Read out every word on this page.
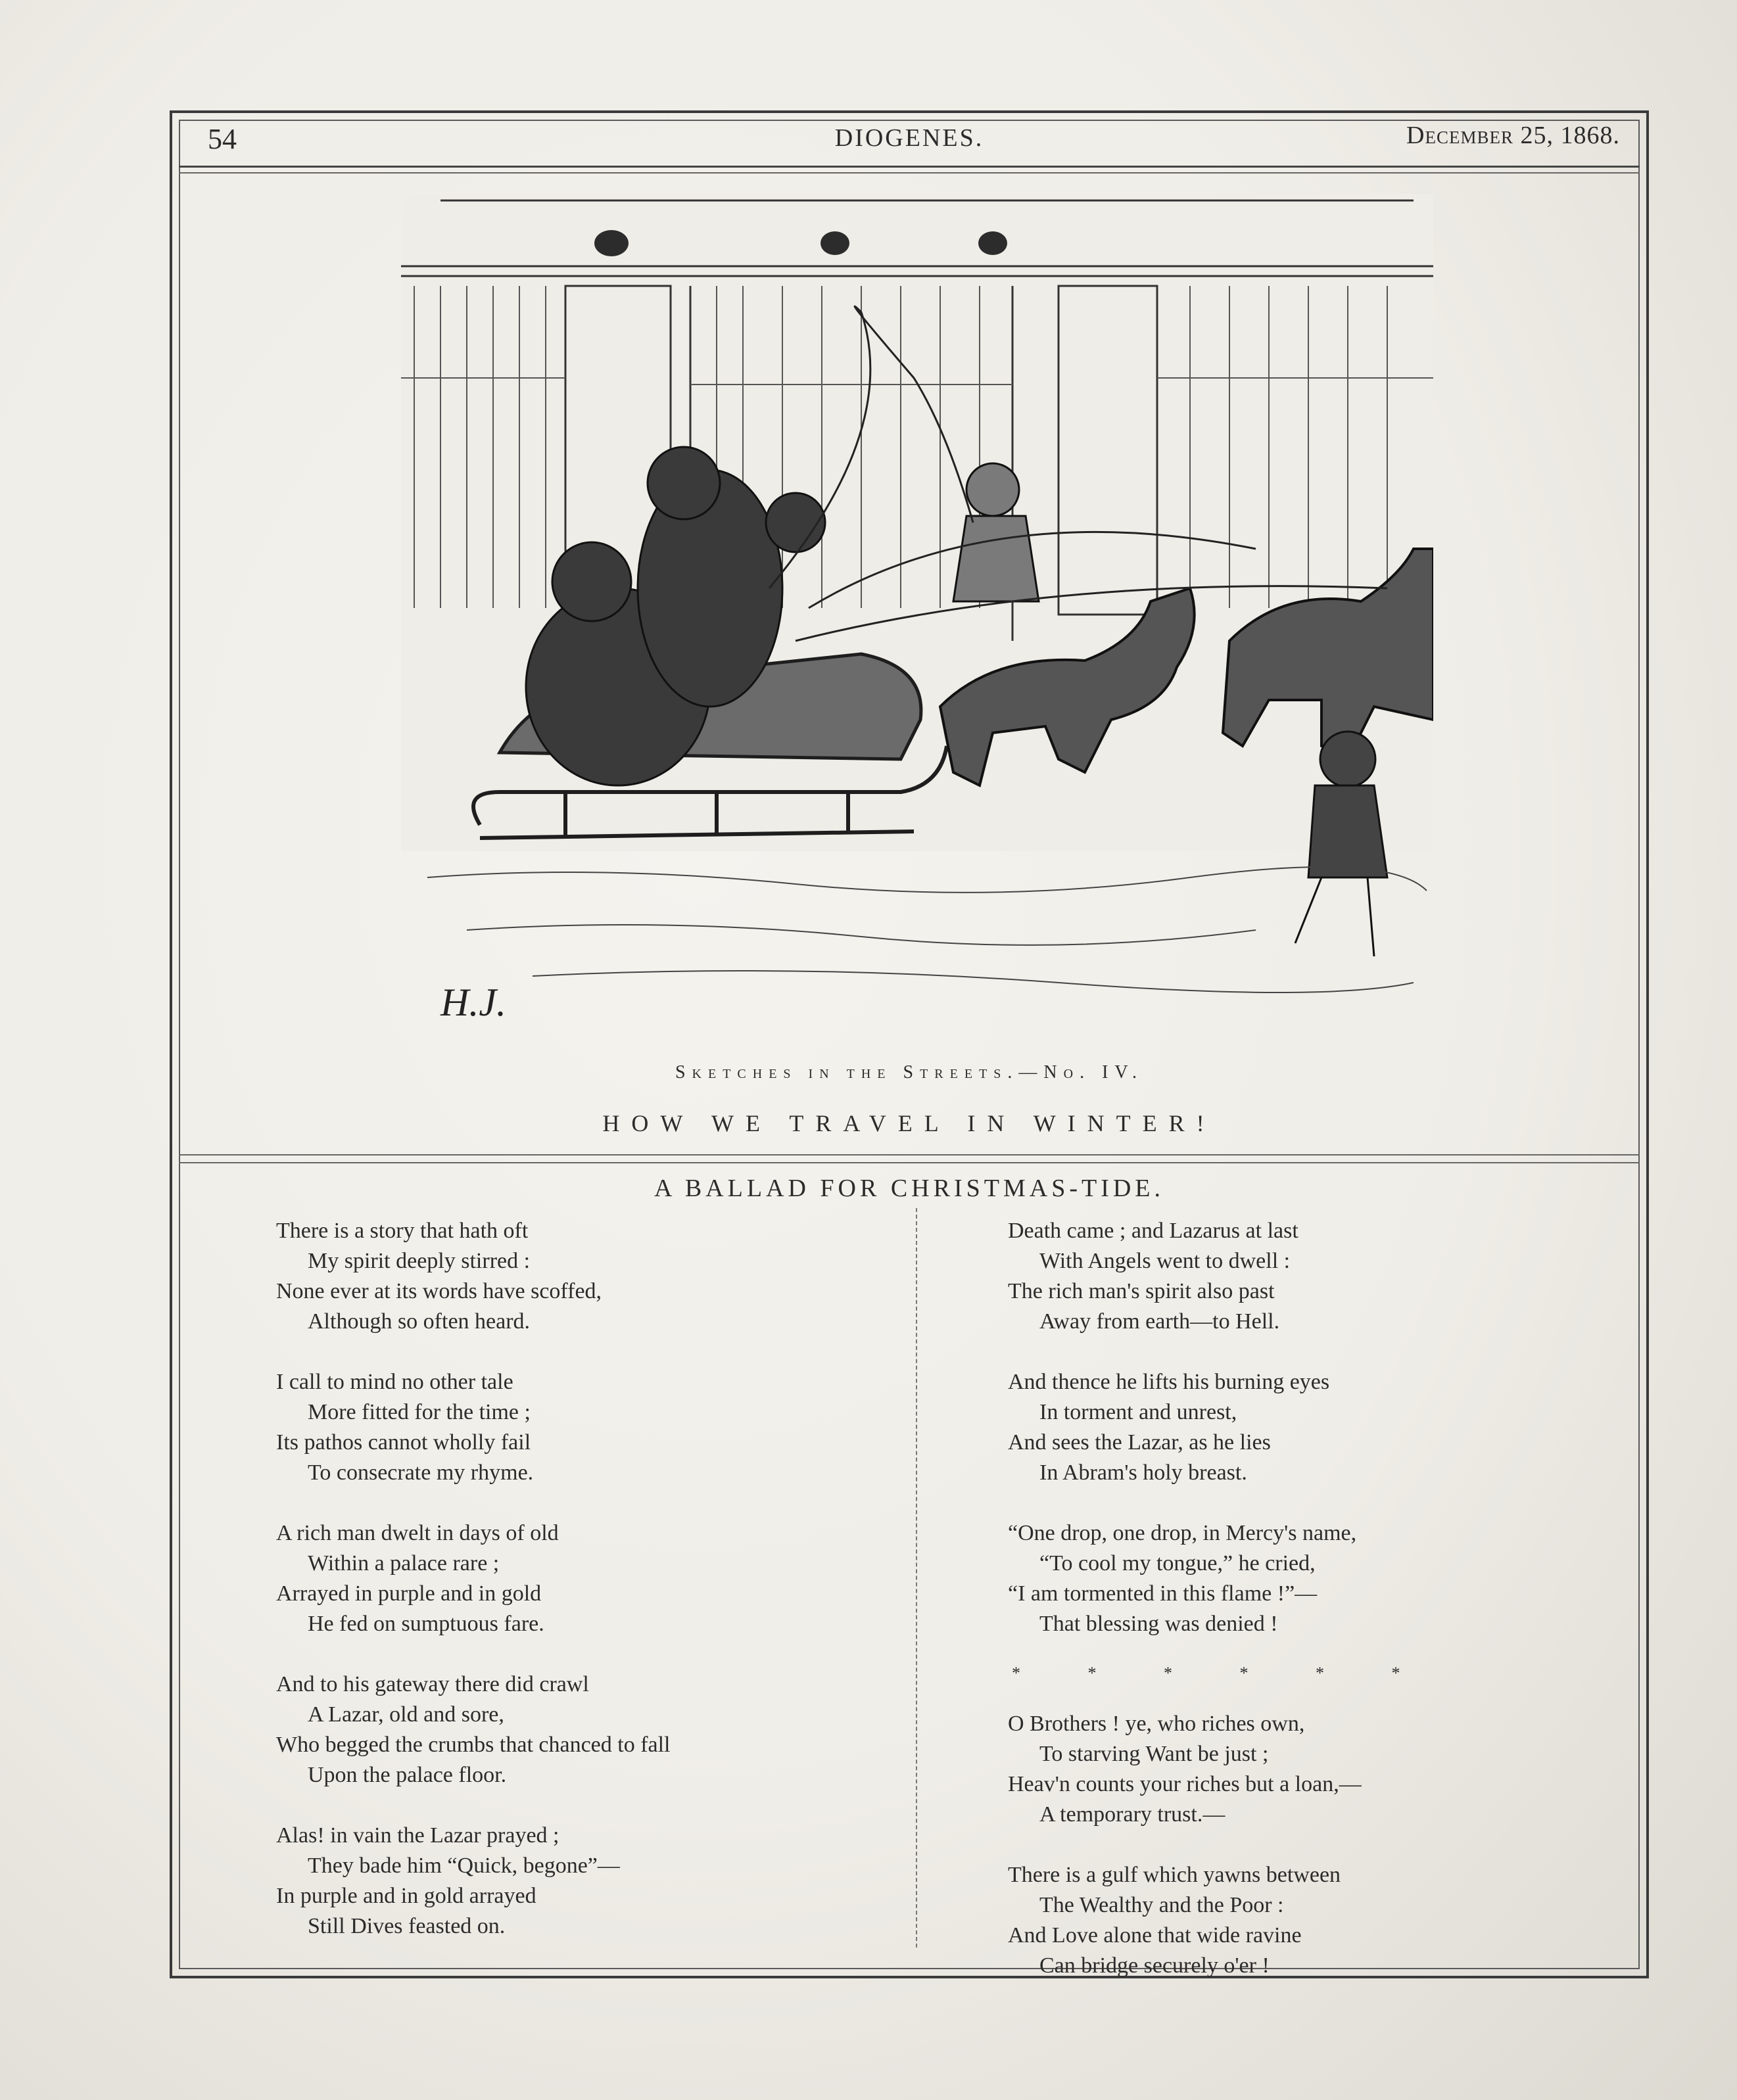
54	DIOGENES.	December 25, 1868.
H.J.
Sketches in the Streets.—No. IV.
HOW WE TRAVEL IN WINTER!
A BALLAD FOR CHRISTMAS-TIDE.
There is a story that hath oft
My spirit deeply stirred :
None ever at its words have scoffed,
Although so often heard.
I call to mind no other tale
More fitted for the time ;
Its pathos cannot wholly fail
To consecrate my rhyme.
A rich man dwelt in days of old
Within a palace rare ;
Arrayed in purple and in gold
He fed on sumptuous fare.
And to his gateway there did crawl
A Lazar, old and sore,
Who begged the crumbs that chanced to fall
Upon the palace floor.
Alas! in vain the Lazar prayed ;
They bade him “Quick, begone”—
In purple and in gold arrayed
Still Dives feasted on.
Death came ; and Lazarus at last
With Angels went to dwell :
The rich man's spirit also past
Away from earth—to Hell.
And thence he lifts his burning eyes
In torment and unrest,
And sees the Lazar, as he lies
In Abram's holy breast.
“One drop, one drop, in Mercy's name,
“To cool my tongue,” he cried,
“I am tormented in this flame !”—
That blessing was denied !
* * * * * *
O Brothers ! ye, who riches own,
To starving Want be just ;
Heav'n counts your riches but a loan,—
A temporary trust.—
There is a gulf which yawns between
The Wealthy and the Poor :
And Love alone that wide ravine
Can bridge securely o'er !
